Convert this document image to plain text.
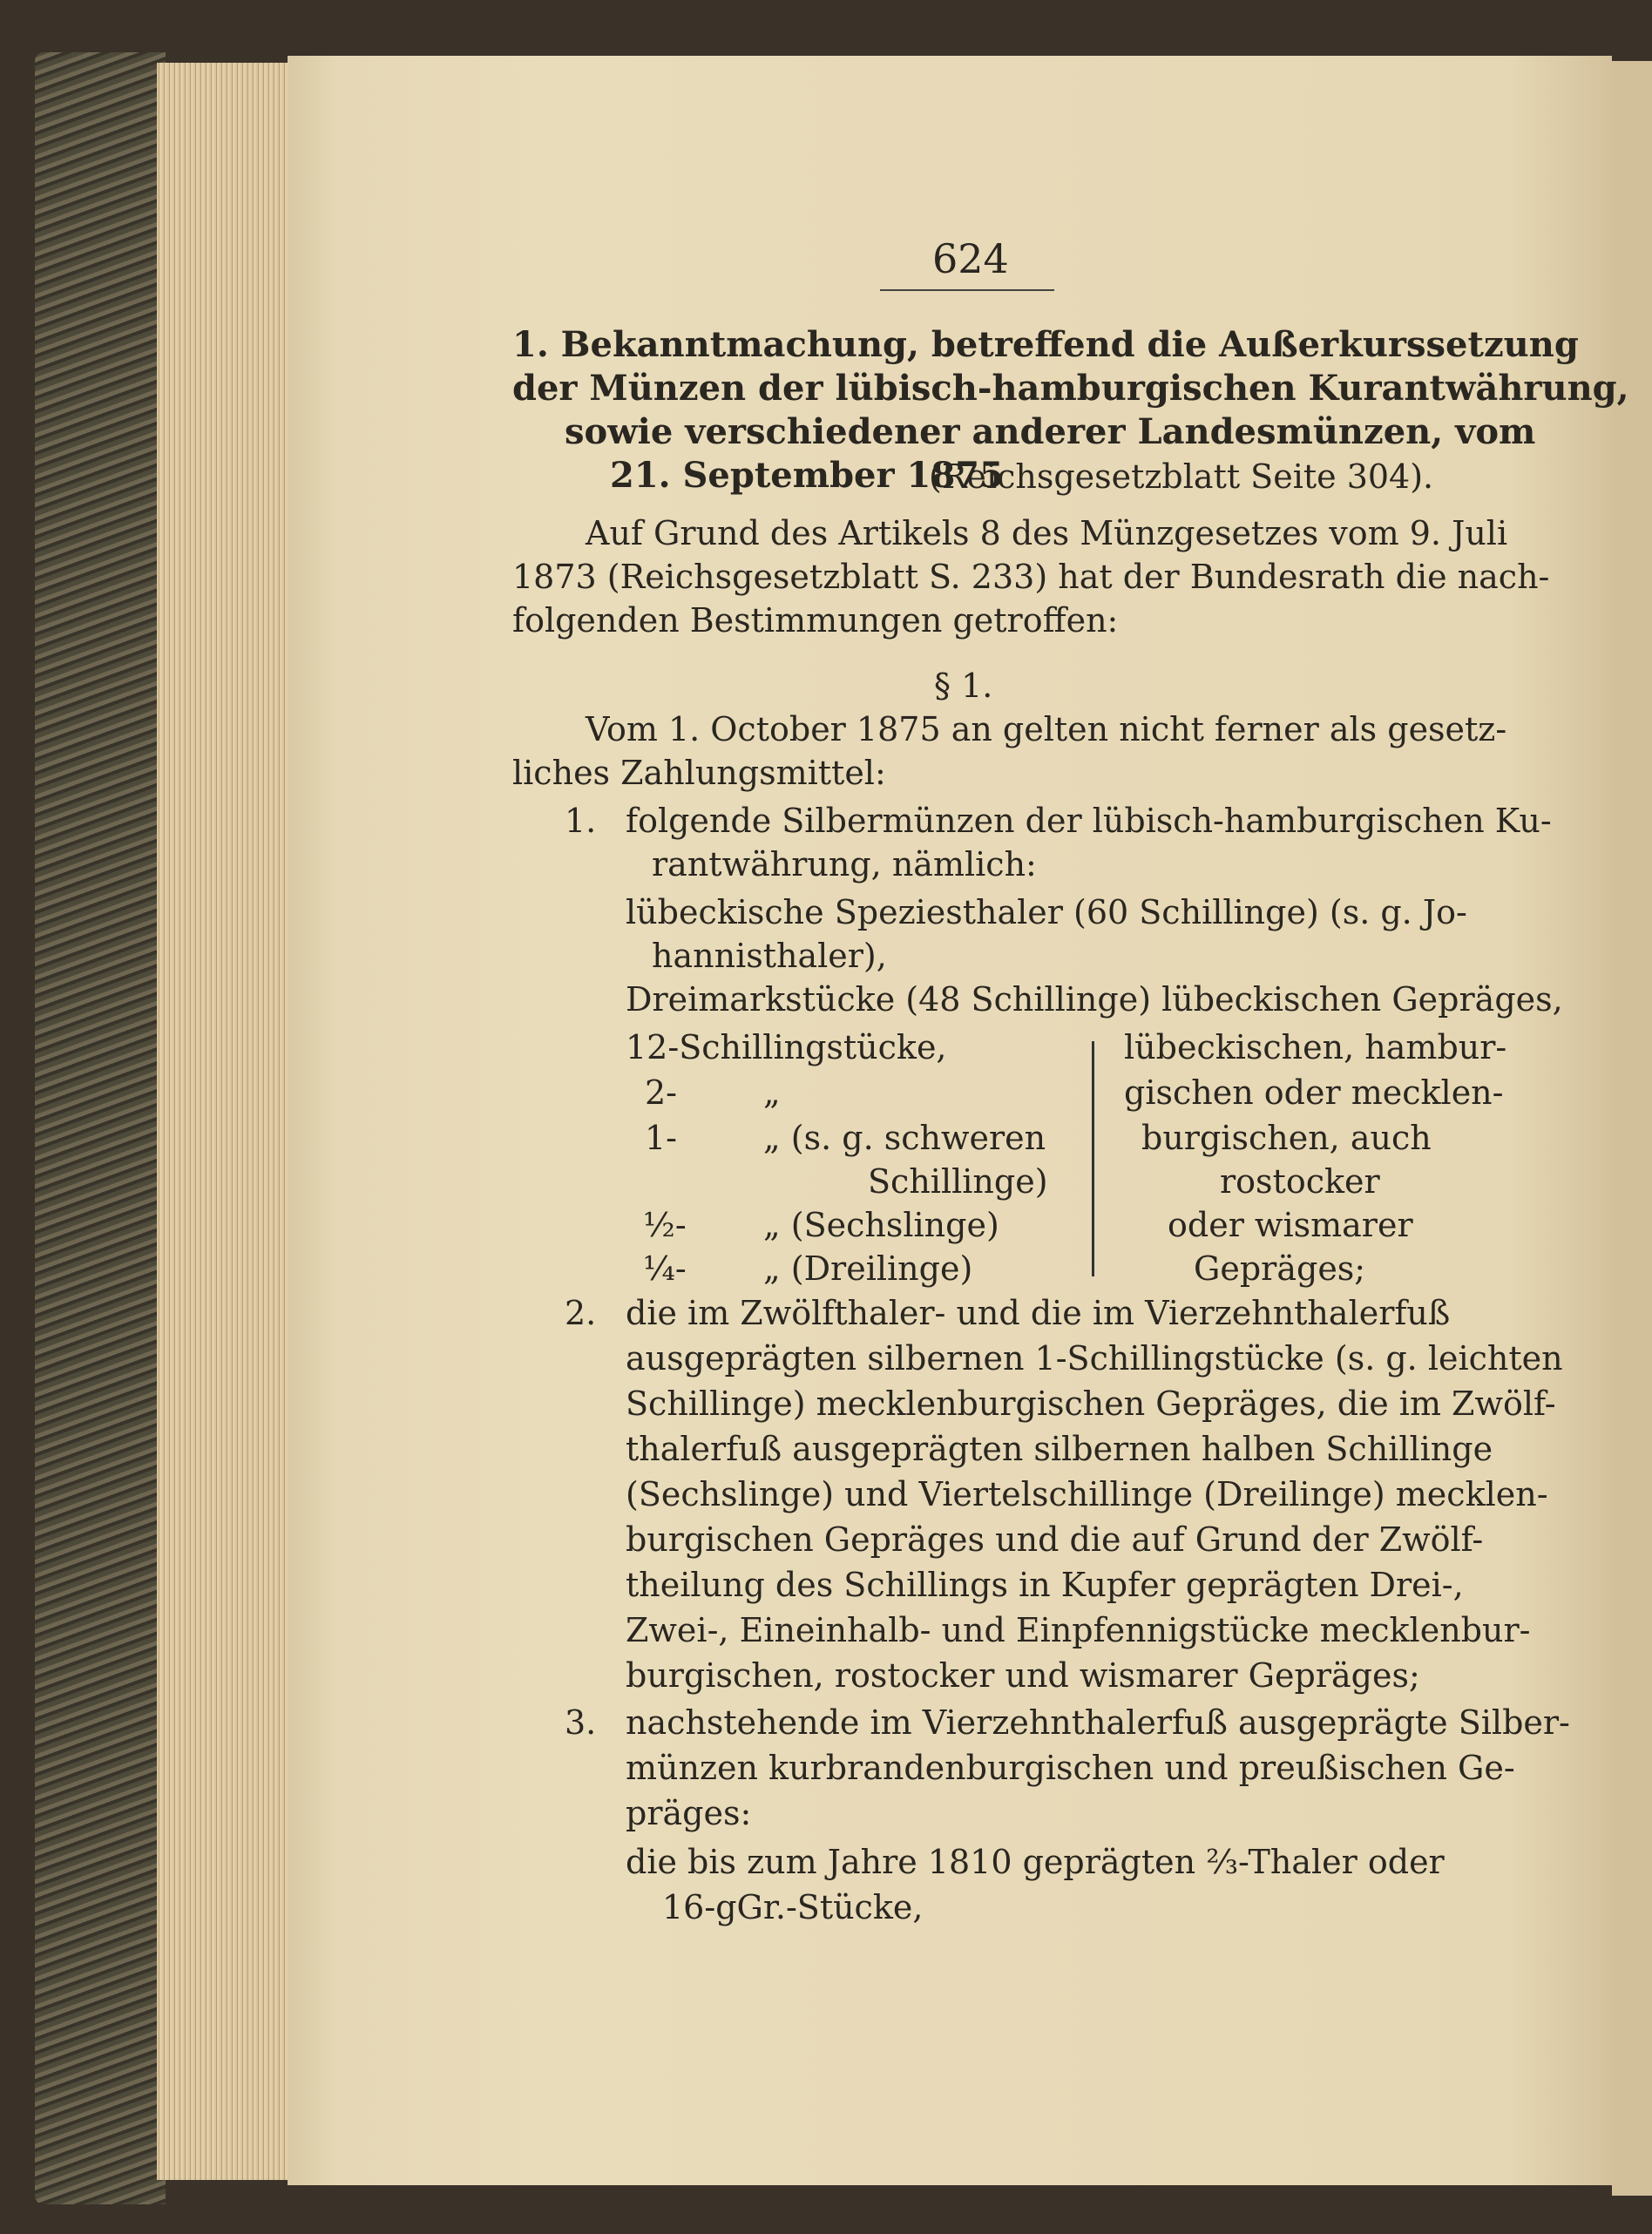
624
1. Bekanntmachung, betreffend die Außerkurssetzung
der Münzen der lübisch-hamburgischen Kurantwährung,
sowie verschiedener anderer Landesmünzen, vom
21. September 1875
(Reichsgesetzblatt Seite 304).
Auf Grund des Artikels 8 des Münzgesetzes vom 9. Juli
1873 (Reichsgesetzblatt S. 233) hat der Bundesrath die nach-
folgenden Bestimmungen getroffen:
§ 1.
Vom 1. October 1875 an gelten nicht ferner als gesetz-
liches Zahlungsmittel:
1. folgende Silbermünzen der lübisch-hamburgischen Ku-
rantwährung, nämlich:
lübeckische Speziesthaler (60 Schillinge) (s. g. Jo-
hannisthaler),
Dreimarkstücke (48 Schillinge) lübeckischen Gepräges,
12-Schillingstücke,	lübeckischen, hambur-
2-	„	gischen oder mecklen-
1-	„ (s. g. schweren	burgischen, auch
Schillinge)	rostocker
½- „ (Sechslinge)	oder wismarer
¼- „ (Dreilinge)	Gepräges;
2. die im Zwölfthaler- und die im Vierzehnthalerfuß
ausgeprägten silbernen 1-Schillingstücke (s. g. leichten
Schillinge) mecklenburgischen Gepräges, die im Zwölf-
thalerfuß ausgeprägten silbernen halben Schillinge
(Sechslinge) und Viertelschillinge (Dreilinge) mecklen-
burgischen Gepräges und die auf Grund der Zwölf-
theilung des Schillings in Kupfer geprägten Drei-,
Zwei-, Eineinhalb- und Einpfennigstücke mecklenbur-
burgischen, rostocker und wismarer Gepräges;
3. nachstehende im Vierzehnthalerfuß ausgeprägte Silber-
münzen kurbrandenburgischen und preußischen Ge-
präges:
die bis zum Jahre 1810 geprägten ⅔-Thaler oder
16-gGr.-Stücke,
